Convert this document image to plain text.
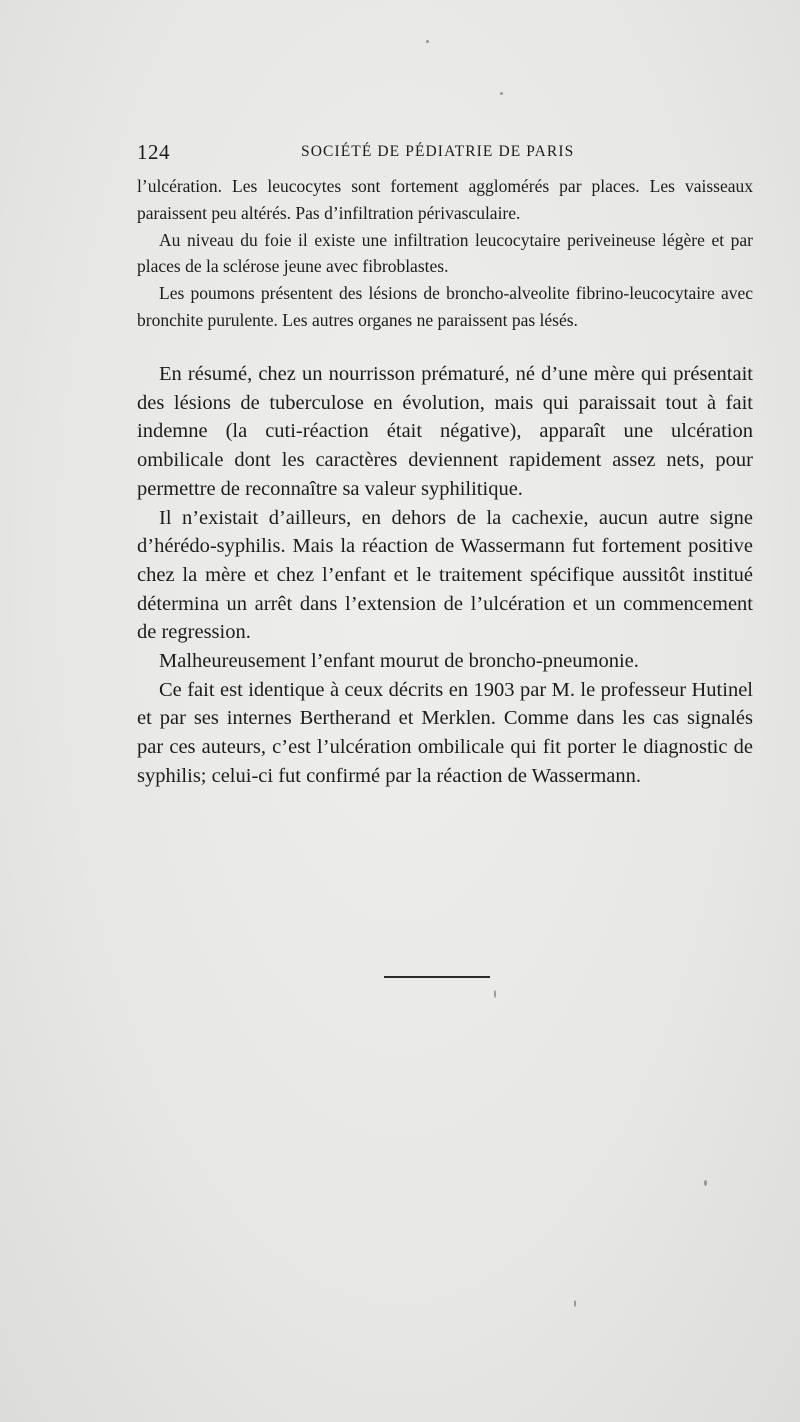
124	SOCIÉTÉ DE PÉDIATRIE DE PARIS

l’ulcération. Les leucocytes sont fortement agglomérés par places. Les vaisseaux paraissent peu altérés. Pas d’infiltration périvasculaire.

Au niveau du foie il existe une infiltration leucocytaire periveineuse légère et par places de la sclérose jeune avec fibroblastes.

Les poumons présentent des lésions de broncho-alveolite fibrino-leucocytaire avec bronchite purulente. Les autres organes ne paraissent pas lésés.

En résumé, chez un nourrisson prématuré, né d’une mère qui présentait des lésions de tuberculose en évolution, mais qui paraissait tout à fait indemne (la cuti-réaction était négative), apparaît une ulcération ombilicale dont les caractères deviennent rapidement assez nets, pour permettre de reconnaître sa valeur syphilitique.

Il n’existait d’ailleurs, en dehors de la cachexie, aucun autre signe d’hérédo-syphilis. Mais la réaction de Wassermann fut fortement positive chez la mère et chez l’enfant et le traitement spécifique aussitôt institué détermina un arrêt dans l’extension de l’ulcération et un commencement de regression.

Malheureusement l’enfant mourut de broncho-pneumonie.

Ce fait est identique à ceux décrits en 1903 par M. le professeur Hutinel et par ses internes Bertherand et Merklen. Comme dans les cas signalés par ces auteurs, c’est l’ulcération ombilicale qui fit porter le diagnostic de syphilis; celui-ci fut confirmé par la réaction de Wassermann.
